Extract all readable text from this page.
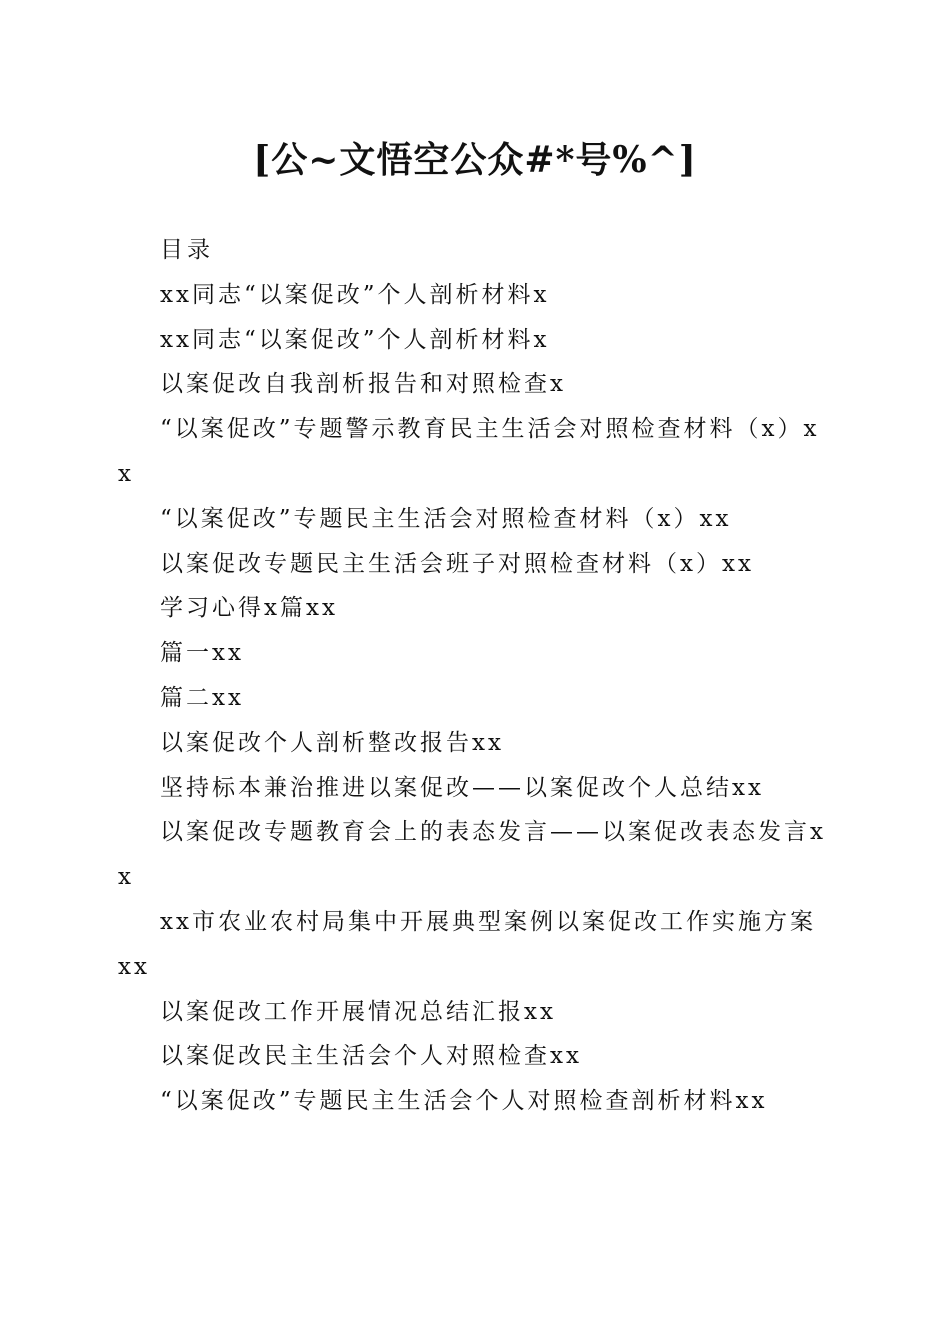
[公~文悟空公众#*号%^]
目录
xx同志“以案促改”个人剖析材料x
xx同志“以案促改”个人剖析材料x
以案促改自我剖析报告和对照检查x
“以案促改”专题警示教育民主生活会对照检查材料（x）xx
“以案促改”专题民主生活会对照检查材料（x）xx
以案促改专题民主生活会班子对照检查材料（x）xx
学习心得x篇xx
篇一xx
篇二xx
以案促改个人剖析整改报告xx
坚持标本兼治推进以案促改——以案促改个人总结xx
以案促改专题教育会上的表态发言——以案促改表态发言xx
xx市农业农村局集中开展典型案例以案促改工作实施方案xx
以案促改工作开展情况总结汇报xx
以案促改民主生活会个人对照检查xx
“以案促改”专题民主生活会个人对照检查剖析材料xx
